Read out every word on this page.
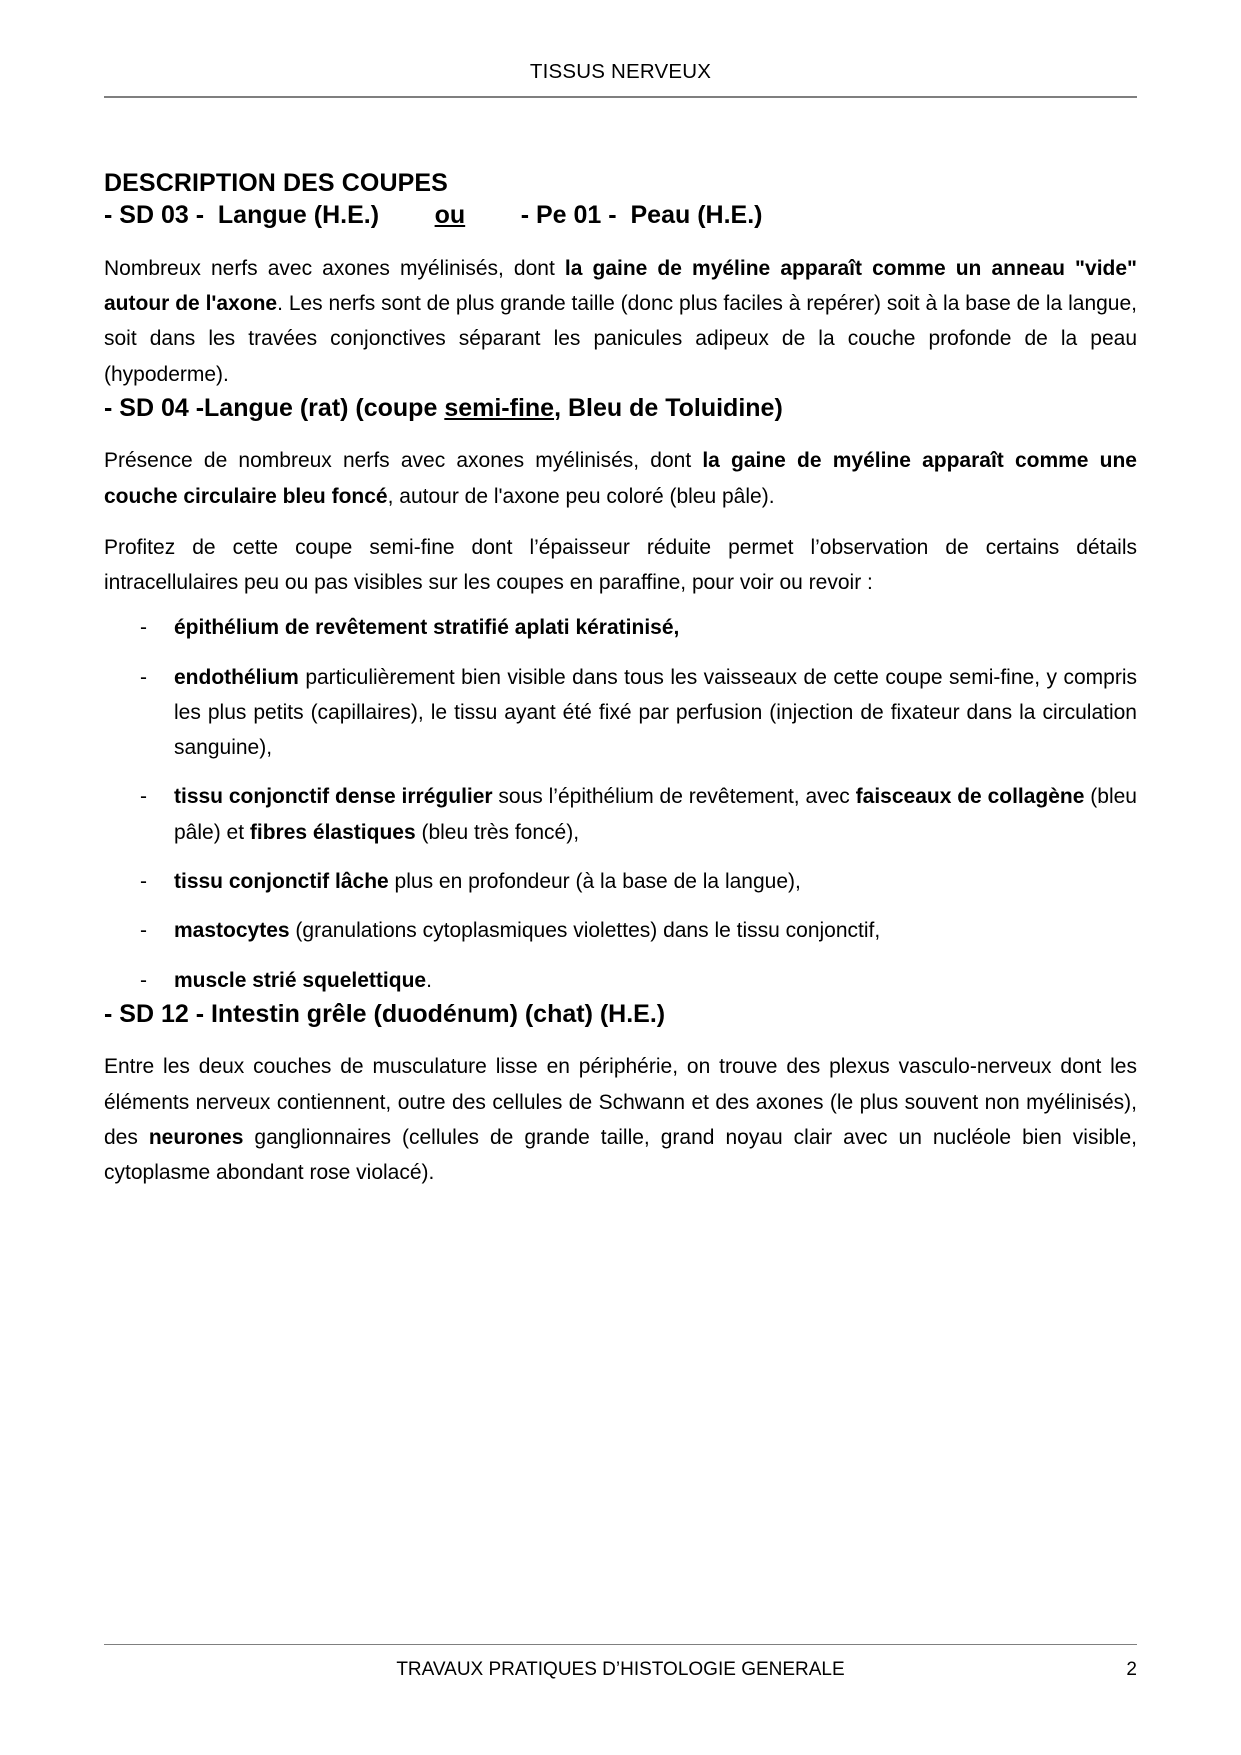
TISSUS NERVEUX
DESCRIPTION DES COUPES
- SD 03 -  Langue (H.E.) ou - Pe 01 -  Peau (H.E.)

Nombreux nerfs avec axones myélinisés, dont la gaine de myéline apparaît comme un anneau "vide" autour de l'axone. Les nerfs sont de plus grande taille (donc plus faciles à repérer) soit à la base de la langue, soit dans les travées conjonctives séparant les panicules adipeux de la couche profonde de la peau (hypoderme).

- SD 04 -Langue (rat) (coupe semi-fine, Bleu de Toluidine)

Présence de nombreux nerfs avec axones myélinisés, dont la gaine de myéline apparaît comme une couche circulaire bleu foncé, autour de l'axone peu coloré (bleu pâle).

Profitez de cette coupe semi-fine dont l’épaisseur réduite permet l’observation de certains détails intracellulaires peu ou pas visibles sur les coupes en paraffine, pour voir ou revoir :

- épithélium de revêtement stratifié aplati kératinisé,
- endothélium particulièrement bien visible dans tous les vaisseaux de cette coupe semi-fine, y compris les plus petits (capillaires), le tissu ayant été fixé par perfusion (injection de fixateur dans la circulation sanguine),
- tissu conjonctif dense irrégulier sous l’épithélium de revêtement, avec faisceaux de collagène (bleu pâle) et fibres élastiques (bleu très foncé),
- tissu conjonctif lâche plus en profondeur (à la base de la langue),
- mastocytes (granulations cytoplasmiques violettes) dans le tissu conjonctif,
- muscle strié squelettique.
- SD 12 - Intestin grêle (duodénum) (chat) (H.E.)

Entre les deux couches de musculature lisse en périphérie, on trouve des plexus vasculo-nerveux dont les éléments nerveux contiennent, outre des cellules de Schwann et des axones (le plus souvent non myélinisés), des neurones ganglionnaires (cellules de grande taille, grand noyau clair avec un nucléole bien visible, cytoplasme abondant rose violacé).

TRAVAUX PRATIQUES D’HISTOLOGIE GENERALE	2
